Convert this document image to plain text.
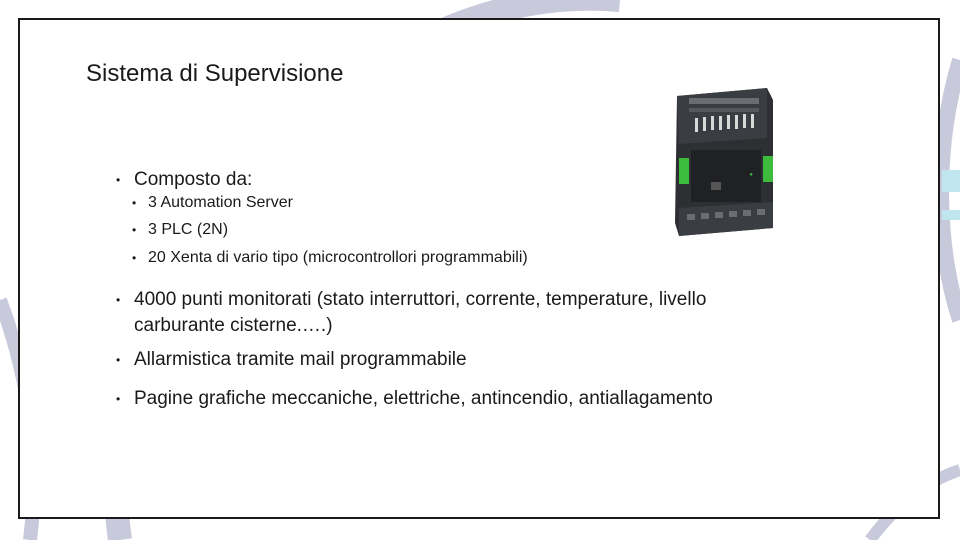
Sistema di Supervisione
• Composto da:
• 3 Automation Server
• 3 PLC (2N)
• 20 Xenta di vario tipo (microcontrollori programmabili)
• 4000 punti monitorati (stato interruttori, corrente, temperature, livello carburante cisterne.….)
• Allarmistica tramite mail programmabile
• Pagine grafiche meccaniche, elettriche, antincendio, antiallagamento
●
